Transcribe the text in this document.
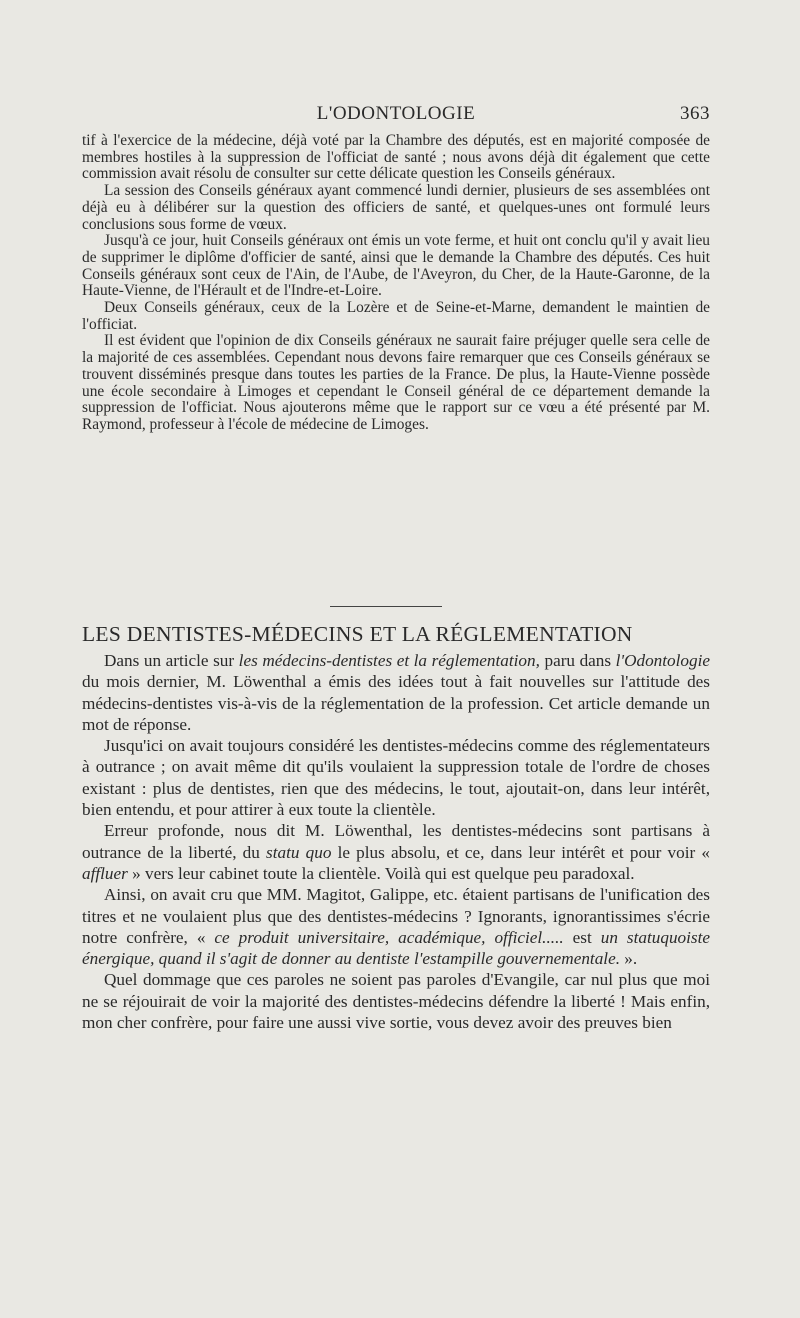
L'ODONTOLOGIE	363

tif à l'exercice de la médecine, déjà voté par la Chambre des députés, est en majorité composée de membres hostiles à la suppression de l'officiat de santé ; nous avons déjà dit également que cette commission avait résolu de consulter sur cette délicate question les Conseils généraux.

La session des Conseils généraux ayant commencé lundi dernier, plusieurs de ses assemblées ont déjà eu à délibérer sur la question des officiers de santé, et quelques-unes ont formulé leurs conclusions sous forme de vœux.

Jusqu'à ce jour, huit Conseils généraux ont émis un vote ferme, et huit ont conclu qu'il y avait lieu de supprimer le diplôme d'officier de santé, ainsi que le demande la Chambre des députés. Ces huit Conseils généraux sont ceux de l'Ain, de l'Aube, de l'Aveyron, du Cher, de la Haute-Garonne, de la Haute-Vienne, de l'Hérault et de l'Indre-et-Loire.

Deux Conseils généraux, ceux de la Lozère et de Seine-et-Marne, demandent le maintien de l'officiat.

Il est évident que l'opinion de dix Conseils généraux ne saurait faire préjuger quelle sera celle de la majorité de ces assemblées. Cependant nous devons faire remarquer que ces Conseils généraux se trouvent disséminés presque dans toutes les parties de la France. De plus, la Haute-Vienne possède une école secondaire à Limoges et cependant le Conseil général de ce département demande la suppression de l'officiat. Nous ajouterons même que le rapport sur ce vœu a été présenté par M. Raymond, professeur à l'école de médecine de Limoges.

LES DENTISTES-MÉDECINS ET LA RÉGLEMENTATION

Dans un article sur les médecins-dentistes et la réglementation, paru dans l'Odontologie du mois dernier, M. Löwenthal a émis des idées tout à fait nouvelles sur l'attitude des médecins-dentistes vis-à-vis de la réglementation de la profession. Cet article demande un mot de réponse.

Jusqu'ici on avait toujours considéré les dentistes-médecins comme des réglementateurs à outrance ; on avait même dit qu'ils voulaient la suppression totale de l'ordre de choses existant : plus de dentistes, rien que des médecins, le tout, ajoutait-on, dans leur intérêt, bien entendu, et pour attirer à eux toute la clientèle.

Erreur profonde, nous dit M. Löwenthal, les dentistes-médecins sont partisans à outrance de la liberté, du statu quo le plus absolu, et ce, dans leur intérêt et pour voir « affluer » vers leur cabinet toute la clientèle. Voilà qui est quelque peu paradoxal.

Ainsi, on avait cru que MM. Magitot, Galippe, etc. étaient partisans de l'unification des titres et ne voulaient plus que des dentistes-médecins ? Ignorants, ignorantissimes s'écrie notre confrère, « ce produit universitaire, académique, officiel..... est un statuquoiste énergique, quand il s'agit de donner au dentiste l'estampille gouvernementale. ».

Quel dommage que ces paroles ne soient pas paroles d'Evangile, car nul plus que moi ne se réjouirait de voir la majorité des dentistes-médecins défendre la liberté ! Mais enfin, mon cher confrère, pour faire une aussi vive sortie, vous devez avoir des preuves bien
